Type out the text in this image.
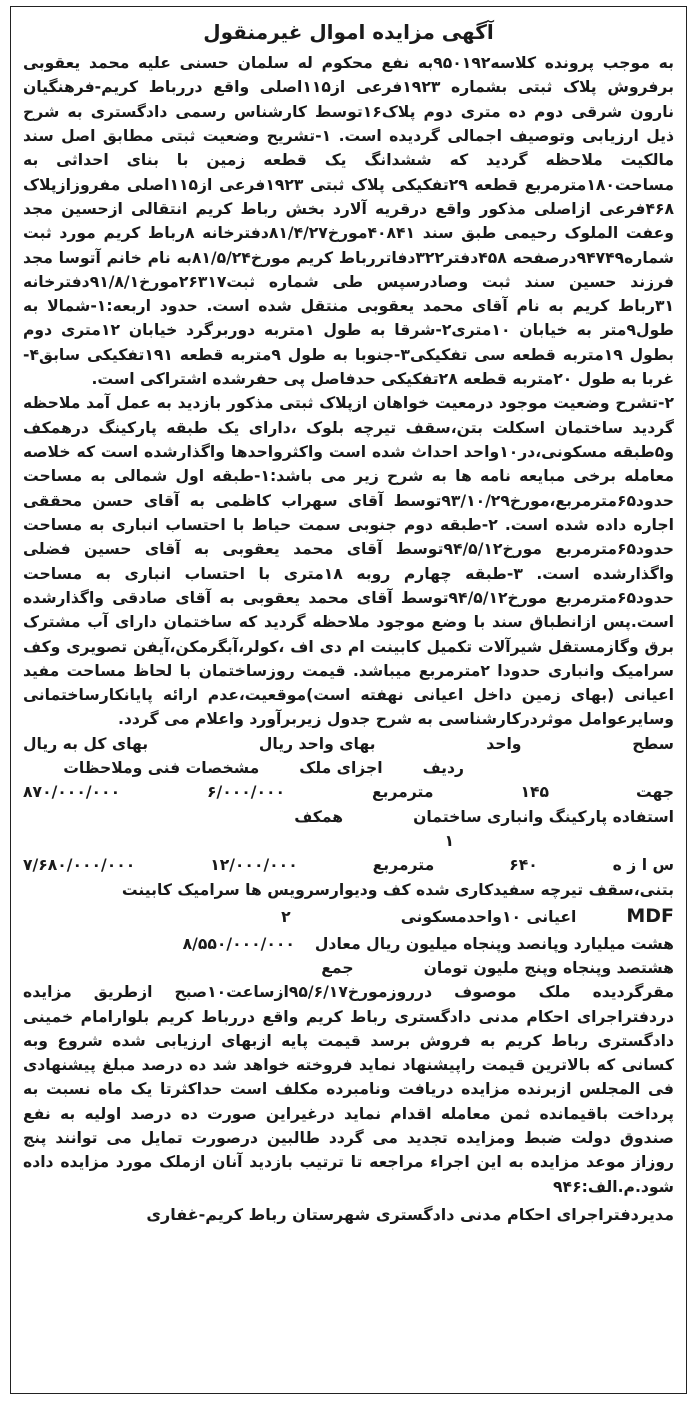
آگهی مزایده اموال غیرمنقول

به موجب پرونده کلاسه۹۵۰۱۹۲به نفع محکوم له سلمان حسنی علیه محمد یعقوبی برفروش پلاک ثبتی بشماره ۱۹۲۳فرعی از۱۱۵اصلی واقع دررباط کریم-فرهنگیان نارون شرقی دوم ده متری دوم پلاک۱۶توسط کارشناس رسمی دادگستری به شرح ذیل ارزیابی وتوصیف اجمالی گردیده است. ۱-تشریح وضعیت ثبتی مطابق اصل سند مالکیت ملاحظه گردید که ششدانگ یک قطعه زمین با بنای احداثی به مساحت۱۸۰مترمربع قطعه ۲۹تفکیکی پلاک ثبتی ۱۹۲۳فرعی از۱۱۵اصلی مفروزازپلاک ۴۶۸فرعی ازاصلی مذکور واقع درقریه آلارد بخش رباط کریم انتقالی ازحسین مجد وعفت الملوک رحیمی طبق سند ۴۰۸۴۱مورخ۸۱/۴/۲۷دفترخانه ۸رباط کریم مورد ثبت شماره۹۴۷۴۹درصفحه ۴۵۸دفتر۳۲۲دفاتررباط کریم مورخ۸۱/۵/۲۴به نام خانم آتوسا مجد فرزند حسین سند ثبت وصادرسپس طی شماره ثبت۲۶۳۱۷مورخ۹۱/۸/۱دفترخانه ۳۱رباط کریم به نام آقای محمد یعقوبی منتقل شده است. حدود اربعه:۱-شمالا به طول۹متر به خیابان ۱۰متری۲-شرقا به طول ۱متربه دوربرگرد خیابان ۱۲متری دوم بطول ۱۹متربه قطعه سی تفکیکی۳-جنوبا به طول ۹متربه قطعه ۱۹۱تفکیکی سابق۴-غربا به طول ۲۰متربه قطعه ۲۸تفکیکی حدفاصل پی حفرشده اشتراکی است.

۲-تشرح وضعیت موجود درمعیت خواهان ازپلاک ثبتی مذکور بازدید به عمل آمد ملاحظه گردید ساختمان اسکلت بتن،سقف تیرچه بلوک ،دارای یک طبقه پارکینگ درهمکف و۵طبقه مسکونی،در۱۰واحد احداث شده است واکثرواحدها واگذارشده است که خلاصه معامله برخی مبایعه نامه ها به شرح زیر می باشد:۱-طبقه اول شمالی به مساحت حدود۶۵مترمربع،مورخ۹۳/۱۰/۲۹توسط آقای سهراب کاظمی به آقای حسن محققی اجاره داده شده است. ۲-طبقه دوم جنوبی سمت حیاط با احتساب انباری به مساحت حدود۶۵مترمربع مورخ۹۴/۵/۱۲توسط آقای محمد یعقوبی به آقای حسین فضلی واگذارشده است. ۳-طبقه چهارم روبه ۱۸متری با احتساب انباری به مساحت حدود۶۵مترمربع مورخ۹۴/۵/۱۲توسط آقای محمد یعقوبی به آقای صادقی واگذارشده است.پس ازانطباق سند با وضع موجود ملاحظه گردید که ساختمان دارای آب مشترک برق وگازمستقل شیرآلات تکمیل کابینت ام دی اف ،کولر،آبگرمکن،آیفن تصویری وکف سرامیک وانباری حدودا ۲مترمربع میباشد. قیمت روزساختمان با لحاظ مساحت مفید اعیانی (بهای زمین داخل اعیانی نهفته است)موقعیت،عدم ارائه پایانکارساختمانی وسایرعوامل موثردرکارشناسی به شرح جدول زیربرآورد واعلام می گردد.

سطح
واحد
بهای واحد ریال
بهای کل به ریال
ردیف
اجزای ملک
مشخصات فنی وملاحظات
جهت
۱۴۵
مترمربع
۶/۰۰۰/۰۰۰
۸۷۰/۰۰۰/۰۰۰
استفاده پارکینگ وانباری ساختمان
همکف
۱
س ا ز ه
۶۴۰
مترمربع
۱۲/۰۰۰/۰۰۰
۷/۶۸۰/۰۰۰/۰۰۰
بتنی،سقف تیرچه سفیدکاری شده کف ودیوارسرویس ها سرامیک کابینت
MDF
اعیانی ۱۰واحدمسکونی
۲
هشت میلیارد وپانصد وپنجاه میلیون ریال معادل
۸/۵۵۰/۰۰۰/۰۰۰
هشتصد وپنجاه وپنج ملیون تومان
جمع

مقرگردیده ملک موصوف درروزمورخ۹۵/۶/۱۷ازساعت۱۰صبح ازطریق مزایده دردفتراجرای احکام مدنی دادگستری رباط کریم واقع دررباط کریم بلوارامام خمینی دادگستری رباط کریم به فروش برسد قیمت پایه ازبهای ارزیابی شده شروع وبه کسانی که بالاترین قیمت راپیشنهاد نماید فروخته خواهد شد ده درصد مبلغ پیشنهادی فی المجلس ازبرنده مزایده دریافت ونامبرده مکلف است حداکثرتا یک ماه نسبت به پرداخت باقیمانده ثمن معامله اقدام نماید درغیراین صورت ده درصد اولیه به نفع صندوق دولت ضبط ومزایده تجدید می گردد طالبین درصورت تمایل می توانند پنج روزاز موعد مزایده به این اجراء مراجعه تا ترتیب بازدید آنان ازملک مورد مزایده داده شود.م.الف:۹۴۶

مدیردفتراجرای احکام مدنی دادگستری شهرستان رباط کریم-غفاری
